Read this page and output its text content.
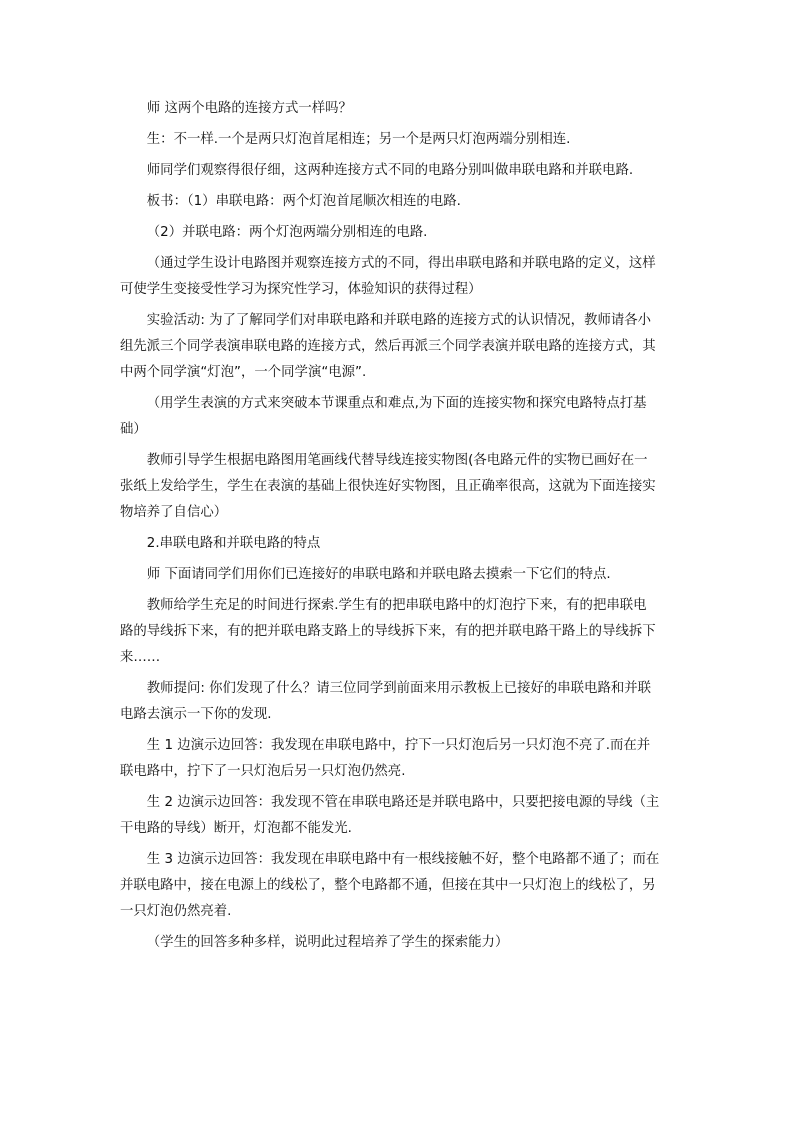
师 这两个电路的连接方式一样吗？
生：不一样.一个是两只灯泡首尾相连；另一个是两只灯泡两端分别相连.
师同学们观察得很仔细，这两种连接方式不同的电路分别叫做串联电路和并联电路.
板书：（1）串联电路：两个灯泡首尾顺次相连的电路.
（2）并联电路：两个灯泡两端分别相连的电路.
（通过学生设计电路图并观察连接方式的不同，得出串联电路和并联电路的定义，这样
可使学生变接受性学习为探究性学习，体验知识的获得过程）
实验活动: 为了了解同学们对串联电路和并联电路的连接方式的认识情况，教师请各小
组先派三个同学表演串联电路的连接方式，然后再派三个同学表演并联电路的连接方式，其
中两个同学演“灯泡”，一个同学演“电源”.
（用学生表演的方式来突破本节课重点和难点,为下面的连接实物和探究电路特点打基
础）
教师引导学生根据电路图用笔画线代替导线连接实物图(各电路元件的实物已画好在一
张纸上发给学生，学生在表演的基础上很快连好实物图，且正确率很高，这就为下面连接实
物培养了自信心）
2.串联电路和并联电路的特点
师 下面请同学们用你们已连接好的串联电路和并联电路去摸索一下它们的特点.
教师给学生充足的时间进行探索.学生有的把串联电路中的灯泡拧下来，有的把串联电
路的导线拆下来，有的把并联电路支路上的导线拆下来，有的把并联电路干路上的导线拆下
来……
教师提问: 你们发现了什么？请三位同学到前面来用示教板上已接好的串联电路和并联
电路去演示一下你的发现.
生 1 边演示边回答：我发现在串联电路中，拧下一只灯泡后另一只灯泡不亮了.而在并
联电路中，拧下了一只灯泡后另一只灯泡仍然亮.
生 2 边演示边回答：我发现不管在串联电路还是并联电路中，只要把接电源的导线（主
干电路的导线）断开，灯泡都不能发光.
生 3 边演示边回答：我发现在串联电路中有一根线接触不好，整个电路都不通了；而在
并联电路中，接在电源上的线松了，整个电路都不通，但接在其中一只灯泡上的线松了，另
一只灯泡仍然亮着.
（学生的回答多种多样，说明此过程培养了学生的探索能力）
